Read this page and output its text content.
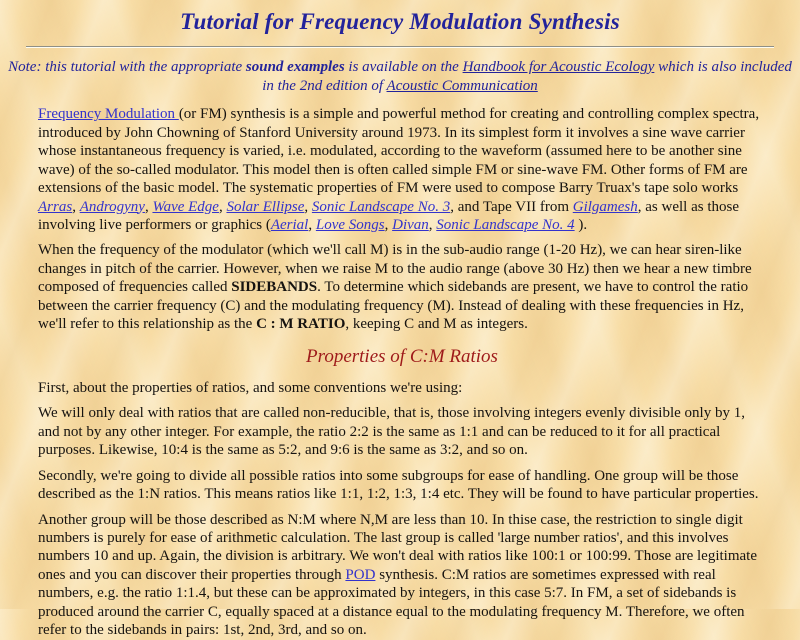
Tutorial for Frequency Modulation Synthesis

Note: this tutorial with the appropriate sound examples is available on the Handbook for Acoustic Ecology which is also included in the 2nd edition of Acoustic Communication

Frequency Modulation (or FM) synthesis is a simple and powerful method for creating and controlling complex spectra, introduced by John Chowning of Stanford University around 1973. In its simplest form it involves a sine wave carrier whose instantaneous frequency is varied, i.e. modulated, according to the waveform (assumed here to be another sine wave) of the so-called modulator. This model then is often called simple FM or sine-wave FM. Other forms of FM are extensions of the basic model. The systematic properties of FM were used to compose Barry Truax's tape solo works Arras, Androgyny, Wave Edge, Solar Ellipse, Sonic Landscape No. 3, and Tape VII from Gilgamesh, as well as those involving live performers or graphics (Aerial, Love Songs, Divan, Sonic Landscape No. 4 ).

When the frequency of the modulator (which we'll call M) is in the sub-audio range (1-20 Hz), we can hear siren-like changes in pitch of the carrier. However, when we raise M to the audio range (above 30 Hz) then we hear a new timbre composed of frequencies called SIDEBANDS. To determine which sidebands are present, we have to control the ratio between the carrier frequency (C) and the modulating frequency (M). Instead of dealing with these frequencies in Hz, we'll refer to this relationship as the C : M RATIO, keeping C and M as integers.

Properties of C:M Ratios

First, about the properties of ratios, and some conventions we're using:

We will only deal with ratios that are called non-reducible, that is, those involving integers evenly divisible only by 1, and not by any other integer. For example, the ratio 2:2 is the same as 1:1 and can be reduced to it for all practical purposes. Likewise, 10:4 is the same as 5:2, and 9:6 is the same as 3:2, and so on.

Secondly, we're going to divide all possible ratios into some subgroups for ease of handling. One group will be those described as the 1:N ratios. This means ratios like 1:1, 1:2, 1:3, 1:4 etc. They will be found to have particular properties.

Another group will be those described as N:M where N,M are less than 10. In thise case, the restriction to single digit numbers is purely for ease of arithmetic calculation. The last group is called 'large number ratios', and this involves numbers 10 and up. Again, the division is arbitrary. We won't deal with ratios like 100:1 or 100:99. Those are legitimate ones and you can discover their properties through POD synthesis. C:M ratios are sometimes expressed with real numbers, e.g. the ratio 1:1.4, but these can be approximated by integers, in this case 5:7. In FM, a set of sidebands is produced around the carrier C, equally spaced at a distance equal to the modulating frequency M. Therefore, we often refer to the sidebands in pairs: 1st, 2nd, 3rd, and so on.
